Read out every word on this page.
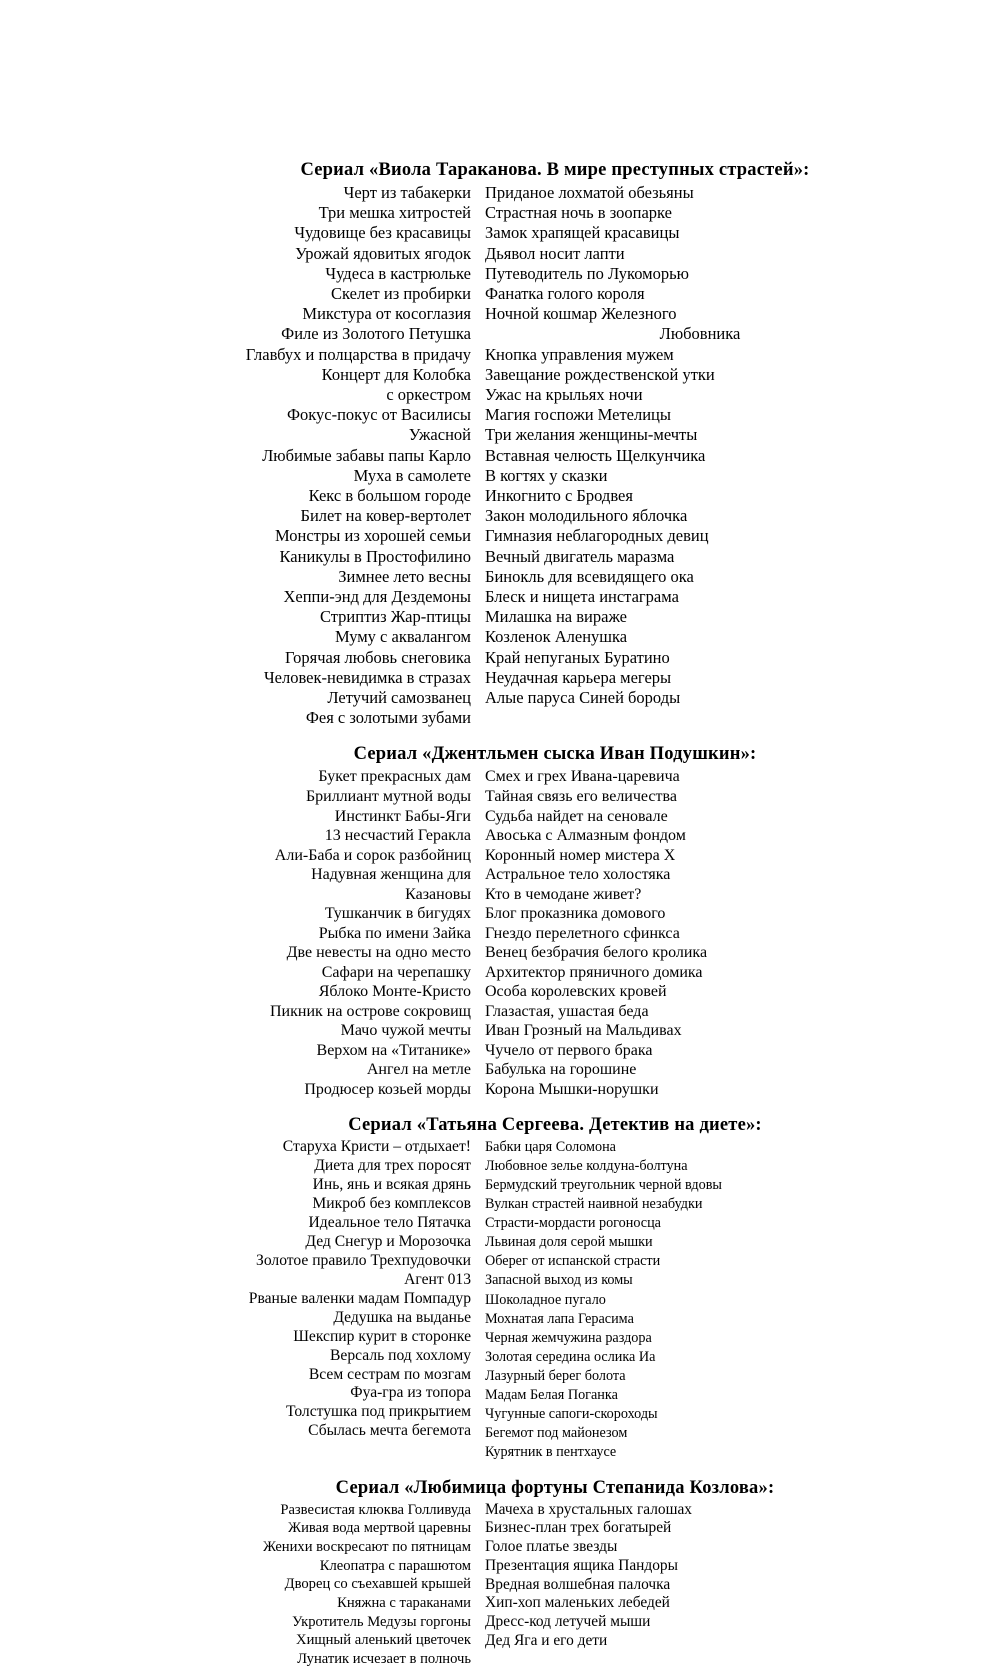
Сериал «Виола Тараканова. В мире преступных страстей»:
Черт из табакерки
Три мешка хитростей
Чудовище без красавицы
Урожай ядовитых ягодок
Чудеса в кастрюльке
Скелет из пробирки
Микстура от косоглазия
Филе из Золотого Петушка
Главбух и полцарства в придачу
Концерт для Колобка
с оркестром
Фокус-покус от Василисы
Ужасной
Любимые забавы папы Карло
Муха в самолете
Кекс в большом городе
Билет на ковер-вертолет
Монстры из хорошей семьи
Каникулы в Простофилино
Зимнее лето весны
Хеппи-энд для Дездемоны
Стриптиз Жар-птицы
Муму с аквалангом
Горячая любовь снеговика
Человек-невидимка в стразах
Летучий самозванец
Фея с золотыми зубами
Приданое лохматой обезьяны
Страстная ночь в зоопарке
Замок храпящей красавицы
Дьявол носит лапти
Путеводитель по Лукоморью
Фанатка голого короля
Ночной кошмар Железного
Любовника
Кнопка управления мужем
Завещание рождественской утки
Ужас на крыльях ночи
Магия госпожи Метелицы
Три желания женщины-мечты
Вставная челюсть Щелкунчика
В когтях у сказки
Инкогнито с Бродвея
Закон молодильного яблочка
Гимназия неблагородных девиц
Вечный двигатель маразма
Бинокль для всевидящего ока
Блеск и нищета инстаграма
Милашка на вираже
Козленок Аленушка
Край непуганых Буратино
Неудачная карьера мегеры
Алые паруса Синей бороды
Сериал «Джентльмен сыска Иван Подушкин»:
Букет прекрасных дам
Бриллиант мутной воды
Инстинкт Бабы-Яги
13 несчастий Геракла
Али-Баба и сорок разбойниц
Надувная женщина для
Казановы
Тушканчик в бигудях
Рыбка по имени Зайка
Две невесты на одно место
Сафари на черепашку
Яблоко Монте-Кристо
Пикник на острове сокровищ
Мачо чужой мечты
Верхом на «Титанике»
Ангел на метле
Продюсер козьей морды
Смех и грех Ивана-царевича
Тайная связь его величества
Судьба найдет на сеновале
Авоська с Алмазным фондом
Коронный номер мистера Х
Астральное тело холостяка
Кто в чемодане живет?
Блог проказника домового
Гнездо перелетного сфинкса
Венец безбрачия белого кролика
Архитектор пряничного домика
Особа королевских кровей
Глазастая, ушастая беда
Иван Грозный на Мальдивах
Чучело от первого брака
Бабулька на горошине
Корона Мышки-норушки
Сериал «Татьяна Сергеева. Детектив на диете»:
Старуха Кристи – отдыхает!
Диета для трех поросят
Инь, янь и всякая дрянь
Микроб без комплексов
Идеальное тело Пятачка
Дед Снегур и Морозочка
Золотое правило Трехпудовочки
Агент 013
Рваные валенки мадам Помпадур
Дедушка на выданье
Шекспир курит в сторонке
Версаль под хохлому
Всем сестрам по мозгам
Фуа-гра из топора
Толстушка под прикрытием
Сбылась мечта бегемота
Бабки царя Соломона
Любовное зелье колдуна-болтуна
Бермудский треугольник черной вдовы
Вулкан страстей наивной незабудки
Страсти-мордасти рогоносца
Львиная доля серой мышки
Оберег от испанской страсти
Запасной выход из комы
Шоколадное пугало
Мохнатая лапа Герасима
Черная жемчужина раздора
Золотая середина ослика Иа
Лазурный берег болота
Мадам Белая Поганка
Чугунные сапоги-скороходы
Бегемот под майонезом
Курятник в пентхаусе
Сериал «Любимица фортуны Степанида Козлова»:
Развесистая клюква Голливуда
Живая вода мертвой царевны
Женихи воскресают по пятницам
Клеопатра с парашютом
Дворец со съехавшей крышей
Княжна с тараканами
Укротитель Медузы горгоны
Хищный аленький цветочек
Лунатик исчезает в полночь
Мачеха в хрустальных галошах
Бизнес-план трех богатырей
Голое платье звезды
Презентация ящика Пандоры
Вредная волшебная палочка
Хип-хоп маленьких лебедей
Дресс-код летучей мыши
Дед Яга и его дети
